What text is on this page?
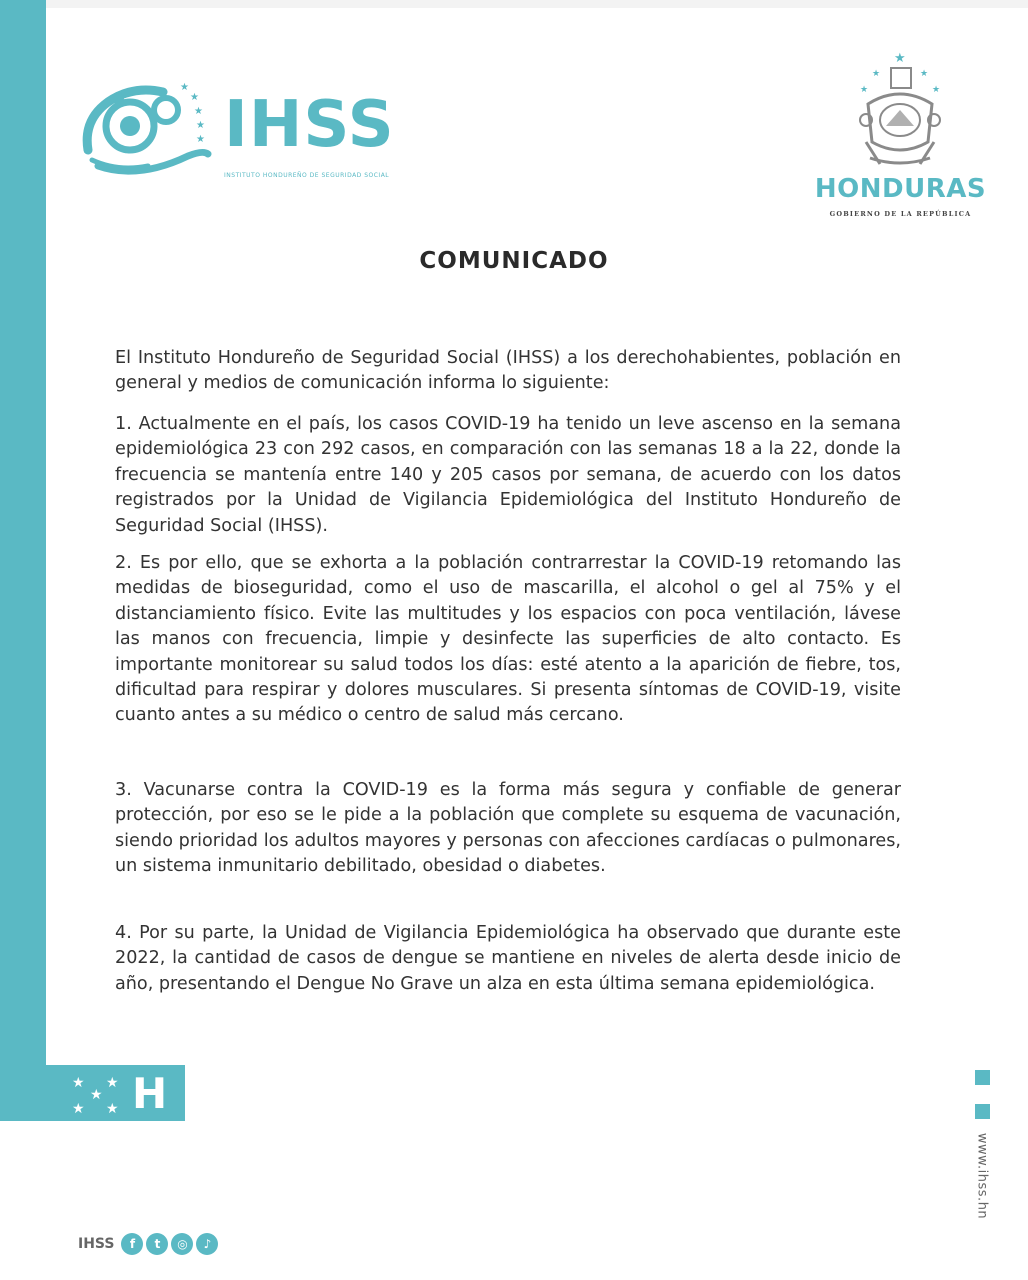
★
★
★
★
★
IHSS
INSTITUTO HONDUREÑO DE SEGURIDAD SOCIAL
★
★	★
★	★
HONDURAS
GOBIERNO DE LA REPÚBLICA
COMUNICADO
El Instituto Hondureño de Seguridad Social (IHSS) a los derechohabientes, población en general y medios de comunicación informa lo siguiente:
1. Actualmente en el país, los casos COVID-19 ha tenido un leve ascenso en la semana epidemiológica 23 con 292 casos, en comparación con las semanas 18 a la 22, donde la frecuencia se mantenía entre 140 y 205 casos por semana, de acuerdo con los datos registrados por la Unidad de Vigilancia Epidemiológica del Instituto Hondureño de Seguridad Social (IHSS).
2. Es por ello, que se exhorta a la población contrarrestar la COVID-19 retomando las medidas de bioseguridad, como el uso de mascarilla, el alcohol o gel al 75% y el distanciamiento físico. Evite las multitudes y los espacios con poca ventilación, lávese las manos con frecuencia, limpie y desinfecte las superficies de alto contacto. Es importante monitorear su salud todos los días: esté atento a la aparición de fiebre, tos, dificultad para respirar y dolores musculares. Si presenta síntomas de COVID-19, visite cuanto antes a su médico o centro de salud más cercano.
3. Vacunarse contra la COVID-19 es la forma más segura y confiable de generar protección, por eso se le pide a la población que complete su esquema de vacunación, siendo prioridad los adultos mayores y personas con afecciones cardíacas o pulmonares, un sistema inmunitario debilitado, obesidad o diabetes.
4. Por su parte, la Unidad de Vigilancia Epidemiológica ha observado que durante este 2022, la cantidad de casos de dengue se mantiene en niveles de alerta desde inicio de año, presentando el Dengue No Grave un alza en esta última semana epidemiológica.
★ ★
★
★ ★ H
IHSS	f	t	◎	♪
www.ihss.hn
